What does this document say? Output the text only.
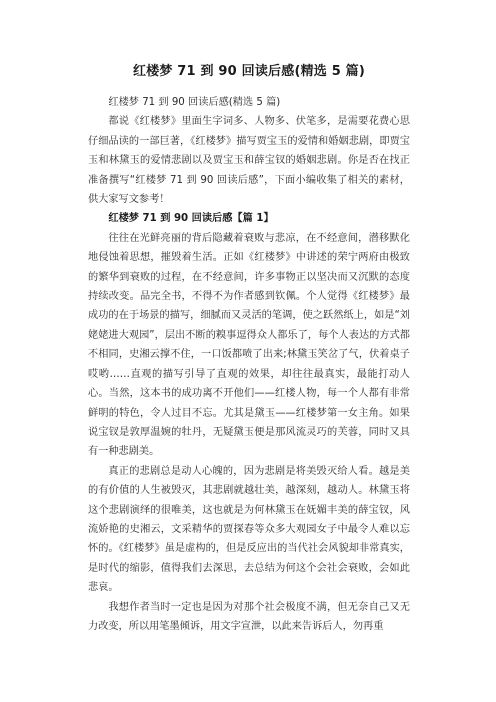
红楼梦 71 到 90 回读后感(精选 5 篇)

红楼梦 71 到 90 回读后感(精选 5 篇)

都说《红楼梦》里面生字词多、人物多、伏笔多，是需要花费心思仔细品读的一部巨著，《红楼梦》描写贾宝玉的爱情和婚姻悲剧，即贾宝玉和林黛玉的爱情悲剧以及贾宝玉和薛宝钗的婚姻悲剧。你是否在找正准备撰写“红楼梦 71 到 90 回读后感”，下面小编收集了相关的素材，供大家写文参考！

红楼梦 71 到 90 回读后感【篇 1】

往往在光鲜亮丽的背后隐藏着衰败与悲凉，在不经意间，潜移默化地侵蚀着思想，摧毁着生活。正如《红楼梦》中讲述的荣宁两府由极致的繁华到衰败的过程，在不经意间，许多事物正以坚决而又沉默的态度持续改变。品完全书，不得不为作者感到钦佩。个人觉得《红楼梦》最成功的在于场景的描写，细腻而又灵活的笔调，使之跃然纸上，如是“刘姥姥进大观园”，层出不断的糗事逗得众人都乐了，每个人表达的方式都不相同，史湘云撑不住，一口饭都喷了出来;林黛玉笑岔了气，伏着桌子哎哟……直观的描写引导了直观的效果，却往往最真实，最能打动人心。当然，这本书的成功离不开他们——红楼人物，每一个人都有非常鲜明的特色，令人过目不忘。尤其是黛玉——红楼梦第一女主角。如果说宝钗是敦厚温婉的牡丹，无疑黛玉便是那风流灵巧的芙蓉，同时又具有一种悲剧美。

真正的悲剧总是动人心魄的，因为悲剧是将美毁灭给人看。越是美的有价值的人生被毁灭，其悲剧就越壮美，越深刻，越动人。林黛玉将这个悲剧演绎的很唯美，这也就是为何林黛玉在妩媚丰美的薛宝钗，风流娇艳的史湘云，文采精华的贾探春等众多大观园女子中最令人难以忘怀的。《红楼梦》虽是虚构的，但是反应出的当代社会风貌却非常真实，是时代的缩影，值得我们去深思，去总结为何这个会社会衰败，会如此悲哀。

我想作者当时一定也是因为对那个社会极度不满，但无奈自己又无力改变，所以用笔墨倾诉，用文字宣泄，以此来告诉后人，勿再重
